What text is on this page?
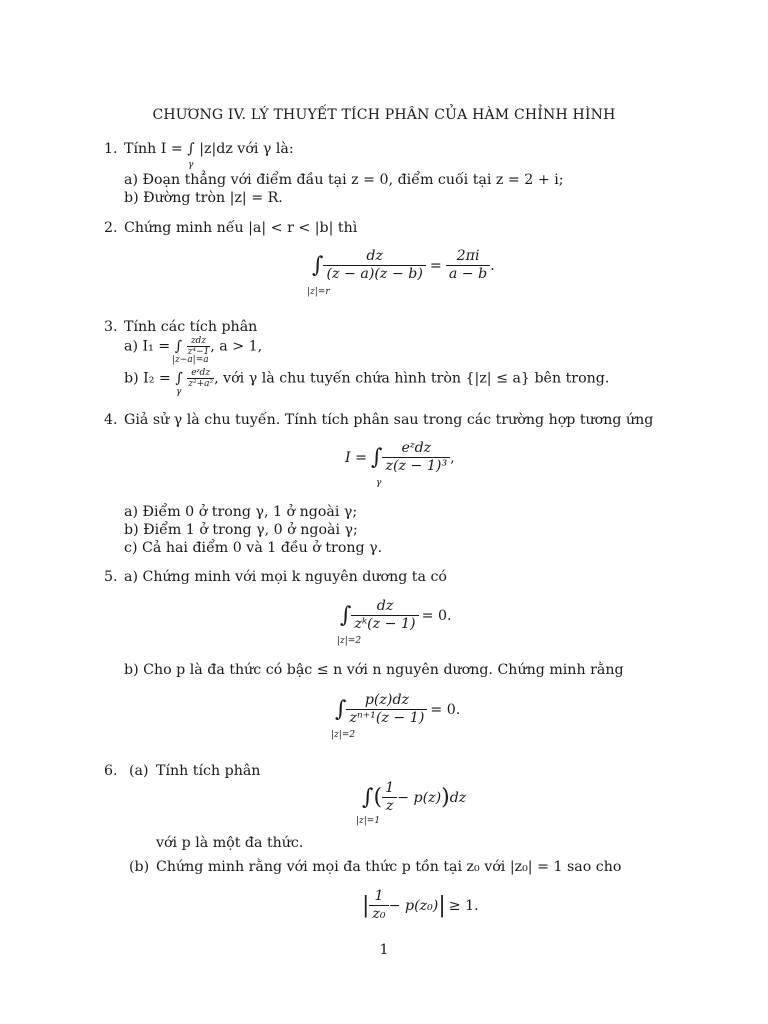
CHƯƠNG IV. LÝ THUYẾT TÍCH PHÂN CỦA HÀM CHỈNH HÌNH
1. Tính I = ∫ |z|dz với γ là:
γ
a) Đoạn thẳng với điểm đầu tại z = 0, điểm cuối tại z = 2 + i;
b) Đường tròn |z| = R.
2. Chứng minh nếu |a| < r < |b| thì
∫ $\frac{dz}{(z - a)(z - b)} = \frac{2\pi i}{a - b}$ .
|z|=r
3. Tính các tích phân
a) I₁ = ∫ zdz
z⁴−1 , a > 1,
|z−a|=a
b) I₂ = ∫ eᶻdz
z²+a² , với γ là chu tuyến chứa hình tròn {|z| ≤ a} bên trong.
γ
4. Giả sử γ là chu tuyến. Tính tích phân sau trong các trường hợp tương ứng
I = ∫ $\frac{\text{eᶻdz}}{\text{z(z − 1)³}}$ ,
γ
a) Điểm 0 ở trong γ, 1 ở ngoài γ;
b) Điểm 1 ở trong γ, 0 ở ngoài γ;
c) Cả hai điểm 0 và 1 đều ở trong γ.
5. a) Chứng minh với mọi k nguyên dương ta có
∫ $\frac{dz}{\text{zᵏ(z − 1)}} = 0$.
|z|=2
b) Cho p là đa thức có bậc ≤ n với n nguyên dương. Chứng minh rằng
∫ $\frac{p(z)dz}{\text{zⁿ⁺¹(z − 1)}} = 0$.
|z|=2
6. (a) Tính tích phân
∫ ( $\frac{1}{z} - p(z)$ ) dz
|z|=1
với p là một đa thức.
(b) Chứng minh rằng với mọi đa thức p tồn tại z₀ với |z₀| = 1 sao cho
| $\frac{1}{\text{z₀}} - p(z_0)$ | ≥ 1.
1
